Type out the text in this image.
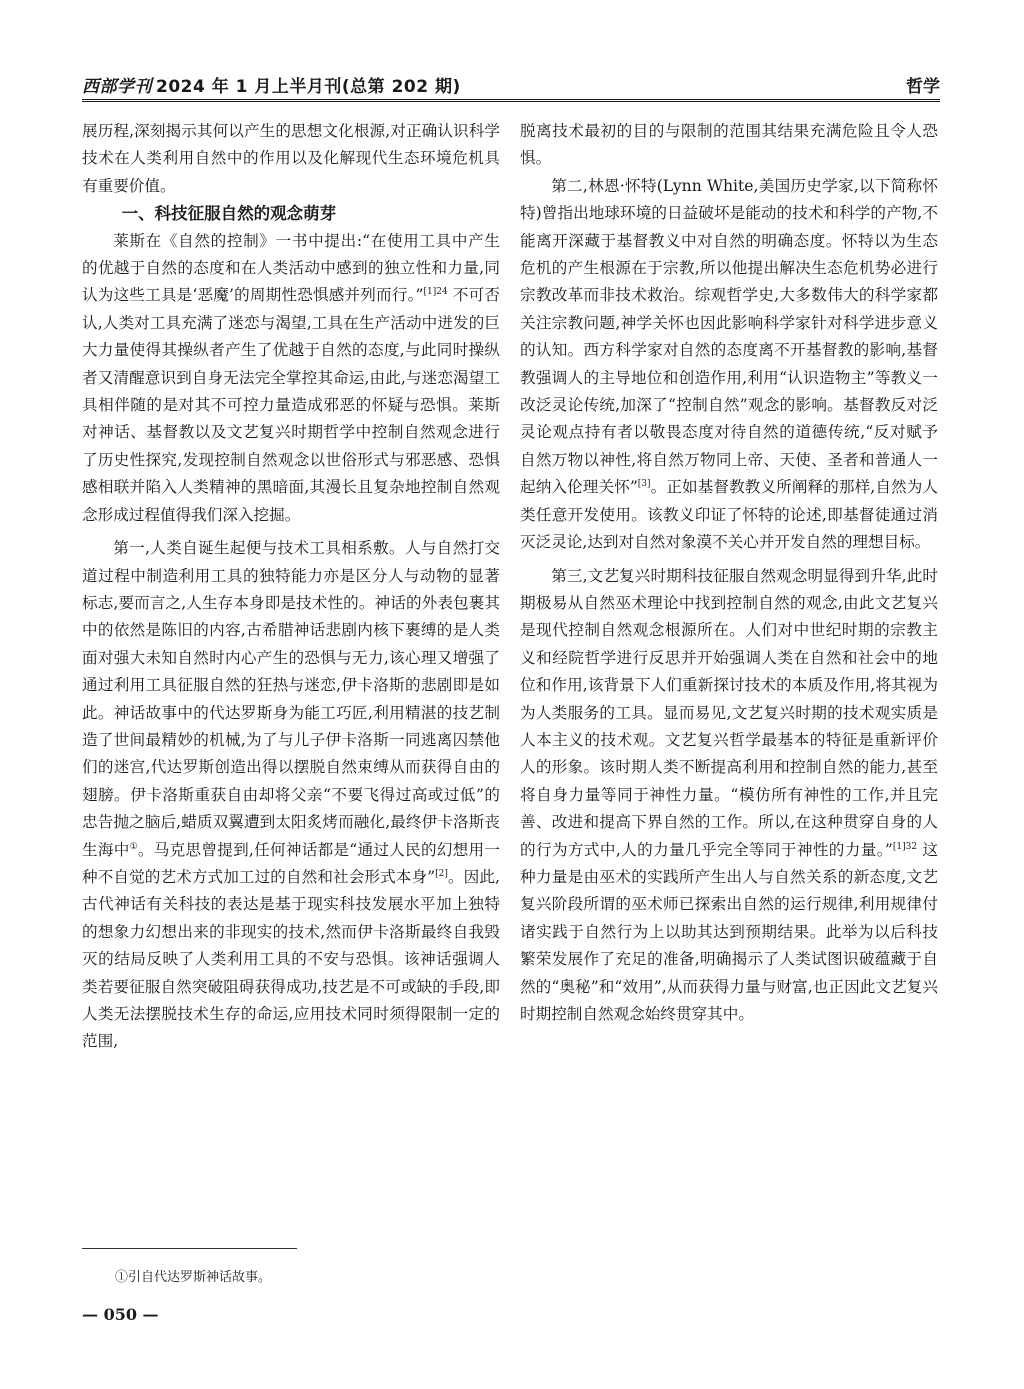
西部学刊 2024 年 1 月上半月刊(总第 202 期)	哲学

展历程,深刻揭示其何以产生的思想文化根源,对正确认识科学技术在人类利用自然中的作用以及化解现代生态环境危机具有重要价值。

一、科技征服自然的观念萌芽

莱斯在《自然的控制》一书中提出:“在使用工具中产生的优越于自然的态度和在人类活动中感到的独立性和力量,同认为这些工具是‘恶魔’的周期性恐惧感并列而行。”$^{[1]24}$ 不可否认,人类对工具充满了迷恋与渴望,工具在生产活动中迸发的巨大力量使得其操纵者产生了优越于自然的态度,与此同时操纵者又清醒意识到自身无法完全掌控其命运,由此,与迷恋渴望工具相伴随的是对其不可控力量造成邪恶的怀疑与恐惧。莱斯对神话、基督教以及文艺复兴时期哲学中控制自然观念进行了历史性探究,发现控制自然观念以世俗形式与邪恶感、恐惧感相联并陷入人类精神的黑暗面,其漫长且复杂地控制自然观念形成过程值得我们深入挖掘。

第一,人类自诞生起便与技术工具相系敷。人与自然打交道过程中制造利用工具的独特能力亦是区分人与动物的显著标志,要而言之,人生存本身即是技术性的。神话的外表包裹其中的依然是陈旧的内容,古希腊神话悲剧内核下裹缚的是人类面对强大未知自然时内心产生的恐惧与无力,该心理又增强了通过利用工具征服自然的狂热与迷恋,伊卡洛斯的悲剧即是如此。神话故事中的代达罗斯身为能工巧匠,利用精湛的技艺制造了世间最精妙的机械,为了与儿子伊卡洛斯一同逃离囚禁他们的迷宫,代达罗斯创造出得以摆脱自然束缚从而获得自由的翅膀。伊卡洛斯重获自由却将父亲“不要飞得过高或过低”的忠告抛之脑后,蜡质双翼遭到太阳炙烤而融化,最终伊卡洛斯丧生海中①。马克思曾提到,任何神话都是“通过人民的幻想用一种不自觉的艺术方式加工过的自然和社会形式本身”[2]。因此,古代神话有关科技的表达是基于现实科技发展水平加上独特的想象力幻想出来的非现实的技术,然而伊卡洛斯最终自我毁灭的结局反映了人类利用工具的不安与恐惧。该神话强调人类若要征服自然突破阻碍获得成功,技艺是不可或缺的手段,即人类无法摆脱技术生存的命运,应用技术同时须得限制一定的范围,

脱离技术最初的目的与限制的范围其结果充满危险且令人恐惧。

第二,林恩·怀特(Lynn White,美国历史学家,以下简称怀特)曾指出地球环境的日益破坏是能动的技术和科学的产物,不能离开深藏于基督教义中对自然的明确态度。怀特以为生态危机的产生根源在于宗教,所以他提出解决生态危机势必进行宗教改革而非技术救治。综观哲学史,大多数伟大的科学家都关注宗教问题,神学关怀也因此影响科学家针对科学进步意义的认知。西方科学家对自然的态度离不开基督教的影响,基督教强调人的主导地位和创造作用,利用“认识造物主”等教义一改泛灵论传统,加深了“控制自然”观念的影响。基督教反对泛灵论观点持有者以敬畏态度对待自然的道德传统,“反对赋予自然万物以神性,将自然万物同上帝、天使、圣者和普通人一起纳入伦理关怀”[3]。正如基督教教义所阐释的那样,自然为人类任意开发使用。该教义印证了怀特的论述,即基督徒通过消灭泛灵论,达到对自然对象漠不关心并开发自然的理想目标。

第三,文艺复兴时期科技征服自然观念明显得到升华,此时期极易从自然巫术理论中找到控制自然的观念,由此文艺复兴是现代控制自然观念根源所在。人们对中世纪时期的宗教主义和经院哲学进行反思并开始强调人类在自然和社会中的地位和作用,该背景下人们重新探讨技术的本质及作用,将其视为为人类服务的工具。显而易见,文艺复兴时期的技术观实质是人本主义的技术观。文艺复兴哲学最基本的特征是重新评价人的形象。该时期人类不断提高利用和控制自然的能力,甚至将自身力量等同于神性力量。“模仿所有神性的工作,并且完善、改进和提高下界自然的工作。所以,在这种贯穿自身的人的行为方式中,人的力量几乎完全等同于神性的力量。”$^{[1]32}$ 这种力量是由巫术的实践所产生出人与自然关系的新态度,文艺复兴阶段所谓的巫术师已探索出自然的运行规律,利用规律付诸实践于自然行为上以助其达到预期结果。此举为以后科技繁荣发展作了充足的准备,明确揭示了人类试图识破蕴藏于自然的“奥秘”和“效用”,从而获得力量与财富,也正因此文艺复兴时期控制自然观念始终贯穿其中。

①引自代达罗斯神话故事。
— 050 —
